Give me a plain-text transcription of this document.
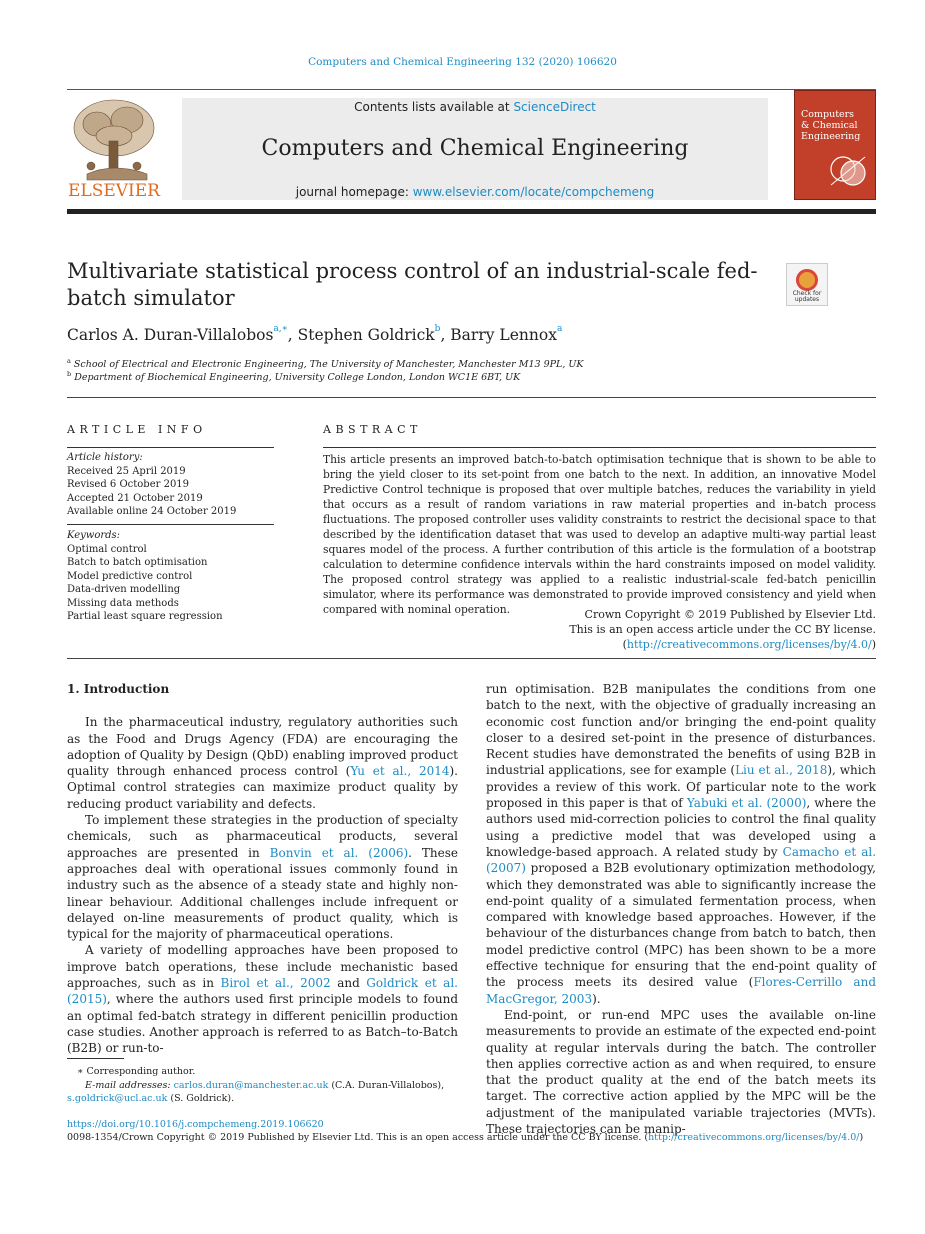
Computers and Chemical Engineering 132 (2020) 106620
ELSEVIER
Contents lists available at ScienceDirect
Computers and Chemical Engineering
journal homepage: www.elsevier.com/locate/compchemeng
Computers & Chemical Engineering
Multivariate statistical process control of an industrial-scale fed-batch simulator	Check for updates
Carlos A. Duran-Villalobos$^{a,∗}$, Stephen Goldrick$^b$, Barry Lennox$^a$
$^a$ School of Electrical and Electronic Engineering, The University of Manchester, Manchester M13 9PL, UK
$^b$ Department of Biochemical Engineering, University College London, London WC1E 6BT, UK
ARTICLE INFO
Article history:
Received 25 April 2019
Revised 6 October 2019
Accepted 21 October 2019
Available online 24 October 2019
Keywords:
Optimal control
Batch to batch optimisation
Model predictive control
Data-driven modelling
Missing data methods
Partial least square regression
ABSTRACT
This article presents an improved batch-to-batch optimisation technique that is shown to be able to bring the yield closer to its set-point from one batch to the next. In addition, an innovative Model Predictive Control technique is proposed that over multiple batches, reduces the variability in yield that occurs as a result of random variations in raw material properties and in-batch process fluctuations. The proposed controller uses validity constraints to restrict the decisional space to that described by the identification dataset that was used to develop an adaptive multi-way partial least squares model of the process. A further contribution of this article is the formulation of a bootstrap calculation to determine confidence intervals within the hard constraints imposed on model validity. The proposed control strategy was applied to a realistic industrial-scale fed-batch penicillin simulator, where its performance was demonstrated to provide improved consistency and yield when compared with nominal operation.	Crown Copyright © 2019 Published by Elsevier Ltd.
This is an open access article under the CC BY license. (http://creativecommons.org/licenses/by/4.0/)

1. Introduction

In the pharmaceutical industry, regulatory authorities such as the Food and Drugs Agency (FDA) are encouraging the adoption of Quality by Design (QbD) enabling improved product quality through enhanced process control (Yu et al., 2014). Optimal control strategies can maximize product quality by reducing product variability and defects.

To implement these strategies in the production of specialty chemicals, such as pharmaceutical products, several approaches are presented in Bonvin et al. (2006). These approaches deal with operational issues commonly found in industry such as the absence of a steady state and highly non-linear behaviour. Additional challenges include infrequent or delayed on-line measurements of product quality, which is typical for the majority of pharmaceutical operations.

A variety of modelling approaches have been proposed to improve batch operations, these include mechanistic based approaches, such as in Birol et al., 2002 and Goldrick et al. (2015), where the authors used first principle models to found an optimal fed-batch strategy in different penicillin production case studies. Another approach is referred to as Batch–to-Batch (B2B) or run-to-

run optimisation. B2B manipulates the conditions from one batch to the next, with the objective of gradually increasing an economic cost function and/or bringing the end-point quality closer to a desired set-point in the presence of disturbances. Recent studies have demonstrated the benefits of using B2B in industrial applications, see for example (Liu et al., 2018), which provides a review of this work. Of particular note to the work proposed in this paper is that of Yabuki et al. (2000), where the authors used mid-correction policies to control the final quality using a predictive model that was developed using a knowledge-based approach. A related study by Camacho et al. (2007) proposed a B2B evolutionary optimization methodology, which they demonstrated was able to significantly increase the end-point quality of a simulated fermentation process, when compared with knowledge based approaches. However, if the behaviour of the disturbances change from batch to batch, then model predictive control (MPC) has been shown to be a more effective technique for ensuring that the end-point quality of the process meets its desired value (Flores-Cerrillo and MacGregor, 2003).

End-point, or run-end MPC uses the available on-line measurements to provide an estimate of the expected end-point quality at regular intervals during the batch. The controller then applies corrective action as and when required, to ensure that the product quality at the end of the batch meets its target. The corrective action applied by the MPC will be the adjustment of the manipulated variable trajectories (MVTs). These trajectories can be manip-

∗ Corresponding author.
E-mail addresses: carlos.duran@manchester.ac.uk (C.A. Duran-Villalobos),
s.goldrick@ucl.ac.uk (S. Goldrick).
https://doi.org/10.1016/j.compchemeng.2019.106620
0098-1354/Crown Copyright © 2019 Published by Elsevier Ltd. This is an open access article under the CC BY license. (http://creativecommons.org/licenses/by/4.0/)
